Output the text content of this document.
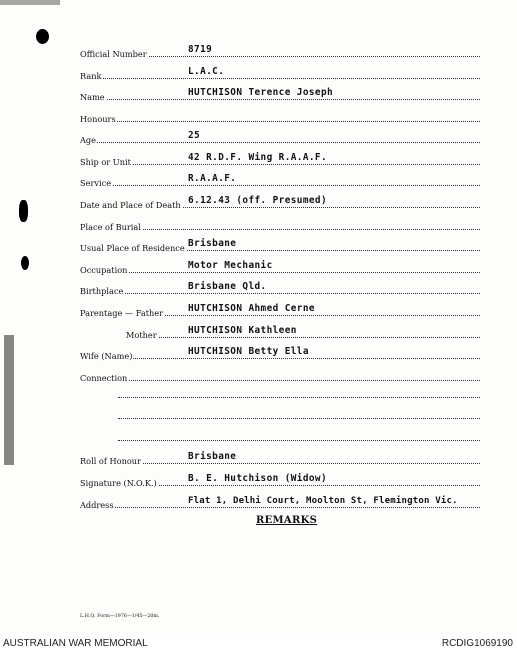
Official Number	8719
Rank	L.A.C.
Name	HUTCHISON Terence Joseph
Honours
Age	25
Ship or Unit	42 R.D.F. Wing R.A.A.F.
Service	R.A.A.F.
Date and Place of Death 6.12.43 (off. Presumed)
Place of Burial
Usual Place of Residence Brisbane
Occupation	Motor Mechanic
Birthplace	Brisbane Qld.
Parentage — Father	HUTCHISON Ahmed Cerne
Mother	HUTCHISON Kathleen
Wife (Name)	HUTCHISON Betty Ella
Connection
Roll of Honour	Brisbane
Signature (N.O.K.)	B. E. Hutchison (Widow)
Address	Flat 1, Delhi Court, Moolton St, Flemington Vic.
REMARKS
L.H.Q. Form—1976—1/45—20m.
AUSTRALIAN WAR MEMORIAL	RCDIG1069190
